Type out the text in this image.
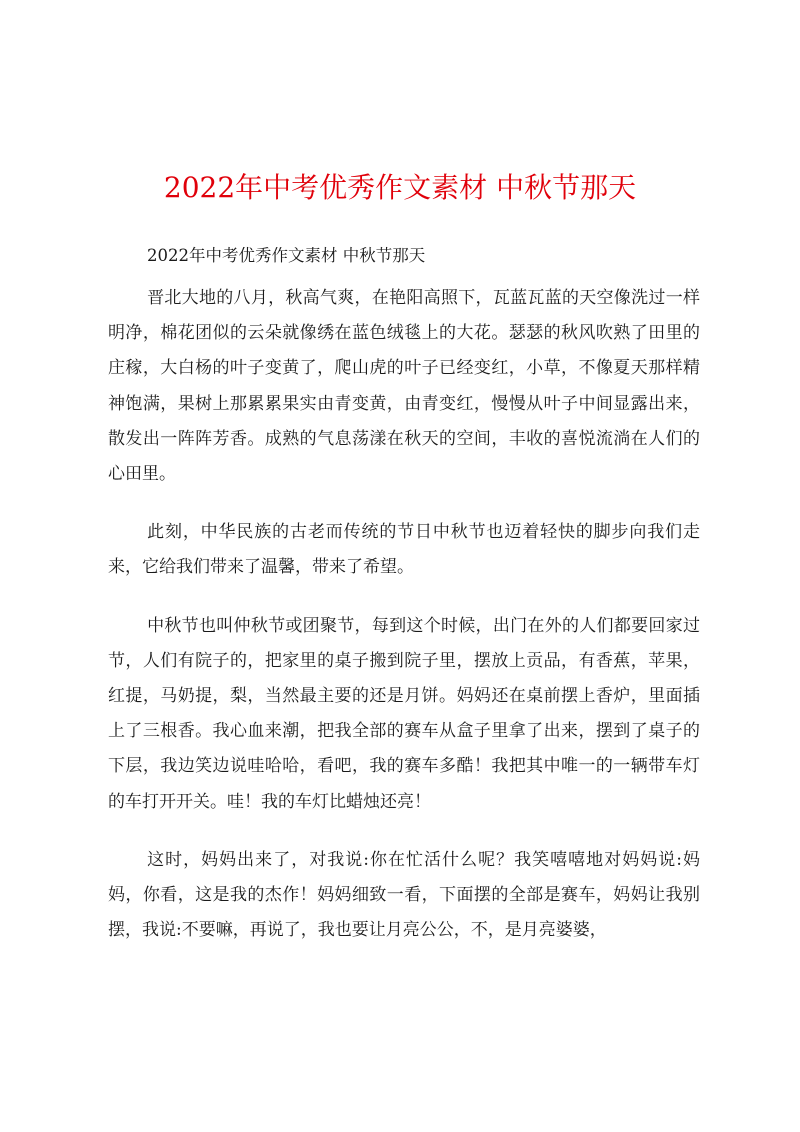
2022年中考优秀作文素材 中秋节那天

2022年中考优秀作文素材 中秋节那天

晋北大地的八月，秋高气爽，在艳阳高照下，瓦蓝瓦蓝的天空像洗过一样明净，棉花团似的云朵就像绣在蓝色绒毯上的大花。瑟瑟的秋风吹熟了田里的庄稼，大白杨的叶子变黄了，爬山虎的叶子已经变红，小草，不像夏天那样精神饱满，果树上那累累果实由青变黄，由青变红，慢慢从叶子中间显露出来，散发出一阵阵芳香。成熟的气息荡漾在秋天的空间，丰收的喜悦流淌在人们的心田里。

此刻，中华民族的古老而传统的节日中秋节也迈着轻快的脚步向我们走来，它给我们带来了温馨，带来了希望。

中秋节也叫仲秋节或团聚节，每到这个时候，出门在外的人们都要回家过节，人们有院子的，把家里的桌子搬到院子里，摆放上贡品，有香蕉，苹果，红提，马奶提，梨，当然最主要的还是月饼。妈妈还在桌前摆上香炉，里面插上了三根香。我心血来潮，把我全部的赛车从盒子里拿了出来，摆到了桌子的下层，我边笑边说哇哈哈，看吧，我的赛车多酷！我把其中唯一的一辆带车灯的车打开开关。哇！我的车灯比蜡烛还亮！

这时，妈妈出来了，对我说:你在忙活什么呢？我笑嘻嘻地对妈妈说:妈妈，你看，这是我的杰作！妈妈细致一看，下面摆的全部是赛车，妈妈让我别摆，我说:不要嘛，再说了，我也要让月亮公公，不，是月亮婆婆，
